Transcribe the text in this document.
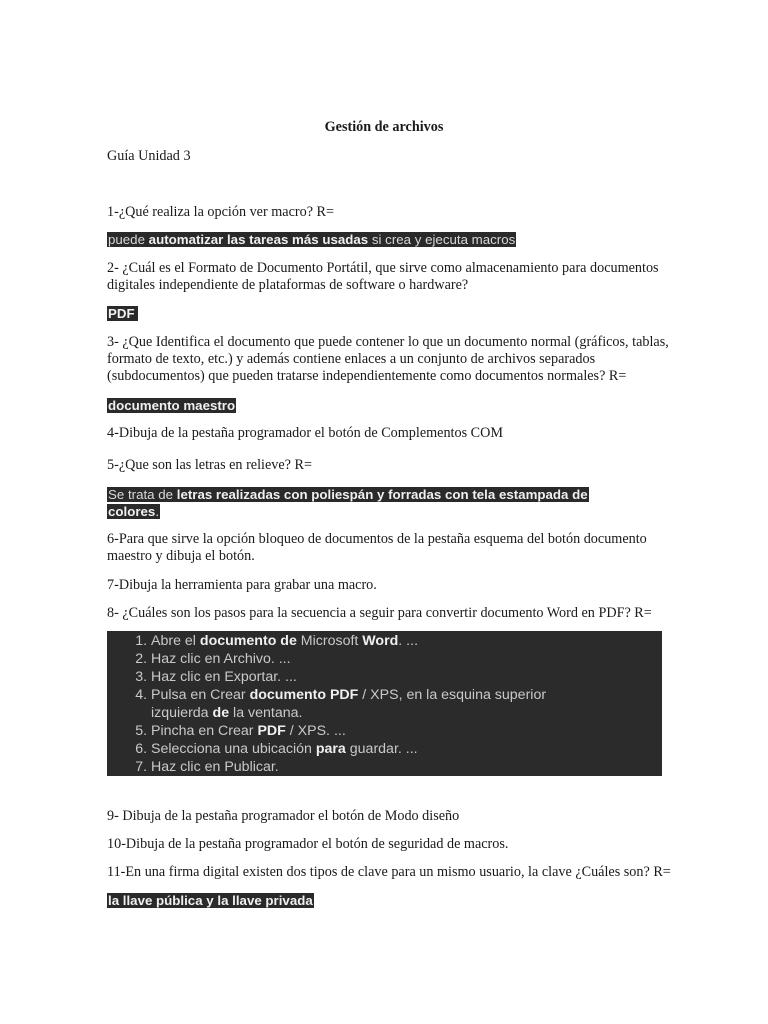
Gestión de archivos
Guía Unidad 3
1-¿Qué realiza la opción ver macro? R=
puede automatizar las tareas más usadas si crea y ejecuta macros
2- ¿Cuál es el Formato de Documento Portátil, que sirve como almacenamiento para documentos
digitales independiente de plataformas de software o hardware?
PDF
3- ¿Que Identifica el documento que puede contener lo que un documento normal (gráficos, tablas,
formato de texto, etc.) y además contiene enlaces a un conjunto de archivos separados
(subdocumentos) que pueden tratarse independientemente como documentos normales? R=
documento maestro
4-Dibuja de la pestaña programador el botón de Complementos COM
5-¿Que son las letras en relieve? R=
Se trata de letras realizadas con poliespán y forradas con tela estampada de
colores.
6-Para que sirve la opción bloqueo de documentos de la pestaña esquema del botón documento
maestro y dibuja el botón.
7-Dibuja la herramienta para grabar una macro.
8- ¿Cuáles son los pasos para la secuencia a seguir para convertir documento Word en PDF? R=
1. Abre el documento de Microsoft Word. ...
2. Haz clic en Archivo. ...
3. Haz clic en Exportar. ...
4. Pulsa en Crear documento PDF / XPS, en la esquina superior
izquierda de la ventana.
5. Pincha en Crear PDF / XPS. ...
6. Selecciona una ubicación para guardar. ...
7. Haz clic en Publicar.
9- Dibuja de la pestaña programador el botón de Modo diseño
10-Dibuja de la pestaña programador el botón de seguridad de macros.
11-En una firma digital existen dos tipos de clave para un mismo usuario, la clave ¿Cuáles son? R=
la llave pública y la llave privada
